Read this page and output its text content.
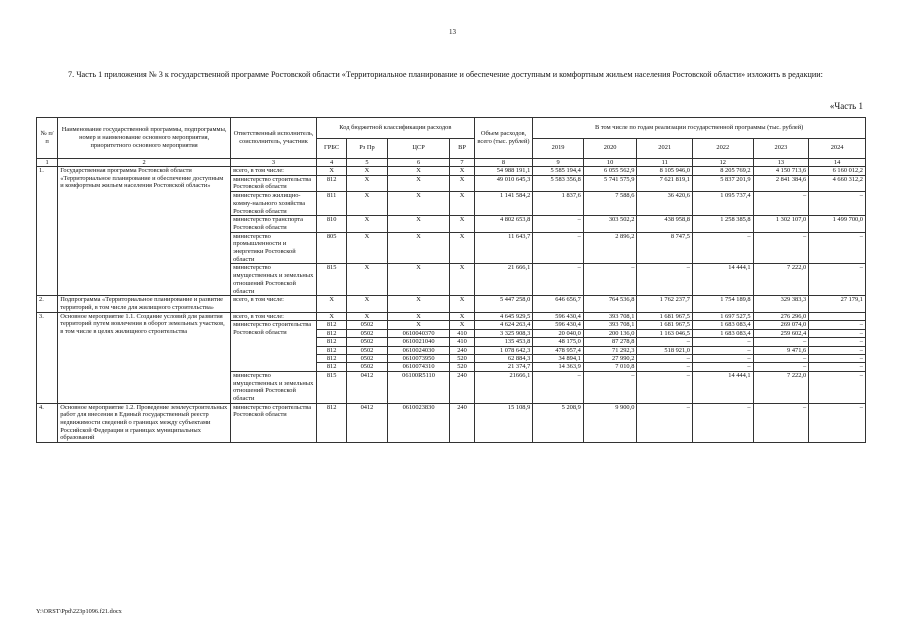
13
7. Часть 1 приложения № 3 к государственной программе Ростовской области «Территориальное планирование и обеспечение доступным и комфортным жильем населения Ростовской области» изложить в редакции:
«Часть 1
№ п/п	Наименование государственной программы, подпрограммы, номер и наименование основного мероприятия, приоритетного основного мероприятия	Ответственный исполнитель, соисполнитель, участник	Код бюджетной классификации расходов				Объем расходов, всего (тыс. рублей)	В том числе по годам реализации государственной программы (тыс. рублей)					
			ГРБС	Рз Пр	ЦСР	ВР		2019	2020	2021	2022	2023	2024
1	2	3	4	5	6	7	8	9	10	11	12	13	14
1.	Государственная программа Ростовской области «Территориальное планирование и обеспечение доступным и комфортным жильем населения Ростовской области»	всего, в том числе:	X	X	X	X	54 988 191,1	5 585 194,4	6 055 562,9	8 105 946,0	8 205 769,2	4 150 713,6	6 160 012,2
		министерство строительства Ростовской области	812	X	X	X	49 010 645,3	5 583 356,8	5 741 575,9	7 621 819,1	5 837 201,9	2 841 384,6	4 660 312,2
		министерство жилищно-комму-нального хозяйства Ростовской области	811	X	X	X	1 141 584,2	1 837,6	7 588,6	36 420,6	1 095 737,4	–	–
		министерство транспорта Ростовской области	810	X	X	X	4 802 653,8	–	303 502,2	438 958,8	1 258 385,8	1 302 107,0	1 499 700,0
		министерство промышленности и энергетики Ростовской области	805	X	X	X	11 643,7	–	2 896,2	8 747,5	–	–	–
		министерство имущественных и земельных отношений Ростовской области	815	X	X	X	21 666,1	–	–	–	14 444,1	7 222,0	–
2.	Подпрограмма «Территориальное планирование и развитие территорий, в том числе для жилищного строительства»	всего, в том числе:	X	X	X	X	5 447 258,0	646 656,7	764 536,8	1 762 237,7	1 754 189,8	329 383,3	27 179,1
3.	Основное мероприятие 1.1. Создание условий для развития территорий путем вовлечения в оборот земельных участков, в том числе в целях жилищного строительства	всего, в том числе:	X	X	X	X	4 645 929,5	596 430,4	393 708,1	1 681 967,5	1 697 527,5	276 296,0	
		министерство строительства Ростовской области	812	0502	X	X	4 624 263,4	596 430,4	393 708,1	1 681 967,5	1 683 083,4	269 074,0	–
			812	0502	0610040370	410	3 325 908,3	20 040,0	200 136,0	1 163 046,5	1 683 083,4	259 602,4	–
			812	0502	0610021040	410	135 453,8	48 175,0	87 278,8	–	–	–	–
			812	0502	0610024030	240	1 078 642,3	478 957,4	71 292,3	518 921,0	–	9 471,6	–
			812	0502	0610073950	520	62 884,3	34 894,1	27 990,2	–	–	–	–
			812	0502	0610074310	520	21 374,7	14 363,9	7 010,8	–	–	–	–
		министерство имущественных и земельных отношений Ростовской области	815	0412	06100R5110	240	21666,1	–	–	–	14 444,1	7 222,0	–
4.	Основное мероприятие 1.2. Проведение землеустроительных работ для внесения в Единый государственный реестр недвижимости сведений о границах между субъектами Российской Федерации и границах муниципальных образований	министерство строительства Ростовской области	812	0412	0610023830	240	15 108,9	5 208,9	9 900,0	–	–	–	–
Y:\ORST\Ppd\223p1096.f21.docx
